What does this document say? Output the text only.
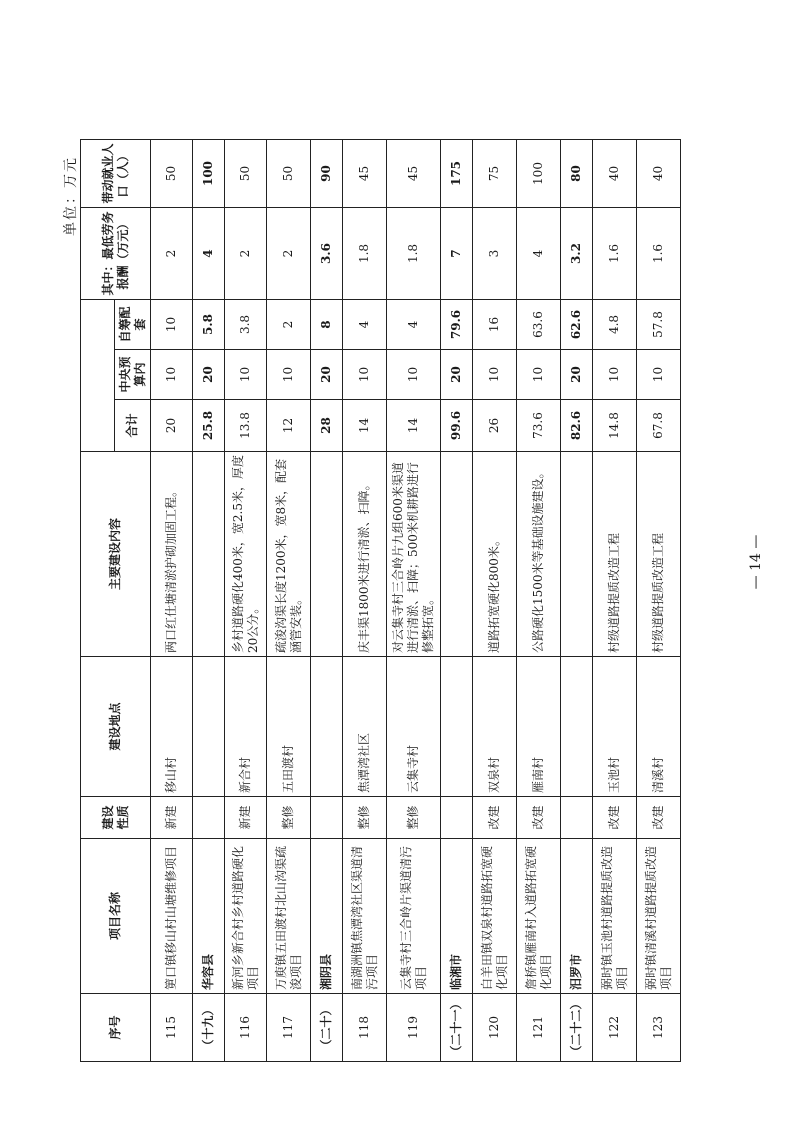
单位：万元
序号	项目名称	建设性质	建设地点	主要建设内容				其中：最低劳务报酬（万元）	带动就业人口（人）
					合计	中央预算内	自筹配套		
115	筻口镇移山村山塘维修项目	新建	移山村	两口红仕塘清淤护砌加固工程。	20	10	10	2	50
（十九）	华容县				25.8	20	5.8	4	100
116	新河乡新合村乡村道路硬化项目	新建	新合村	乡村道路硬化400米，宽2.5米，厚度20公分。	13.8	10	3.8	2	50
117	万庾镇五田渡村北山沟渠疏浚项目	整修	五田渡村	疏浚沟渠长度1200米，宽8米，配套涵管安装。	12	10	2	2	50
（二十）	湘阴县				28	20	8	3.6	90
118	南湖洲镇焦潭湾社区渠道清污项目	整修	焦潭湾社区	庆丰渠1800米进行清淤、扫障。	14	10	4	1.8	45
119	云集寺村三合岭片渠道清污项目	整修	云集寺村	对云集寺村三合岭片九组600米渠道进行清淤、扫障；500米机耕路进行修整拓宽。	14	10	4	1.8	45
（二十一）	临湘市				99.6	20	79.6	7	175
120	白羊田镇双泉村道路拓宽硬化项目	改建	双泉村	道路拓宽硬化800米。	26	10	16	3	75
121	詹桥镇雁南村入道路拓宽硬化项目	改建	雁南村	公路硬化1500米等基础设施建设。	73.6	10	63.6	4	100
（二十二）	汨罗市				82.6	20	62.6	3.2	80
122	弼时镇玉池村道路提质改造项目	改建	玉池村	村级道路提质改造工程	14.8	10	4.8	1.6	40
123	弼时镇清溪村道路提质改造项目	改建	清溪村	村级道路提质改造工程	67.8	10	57.8	1.6	40
— 14 —
